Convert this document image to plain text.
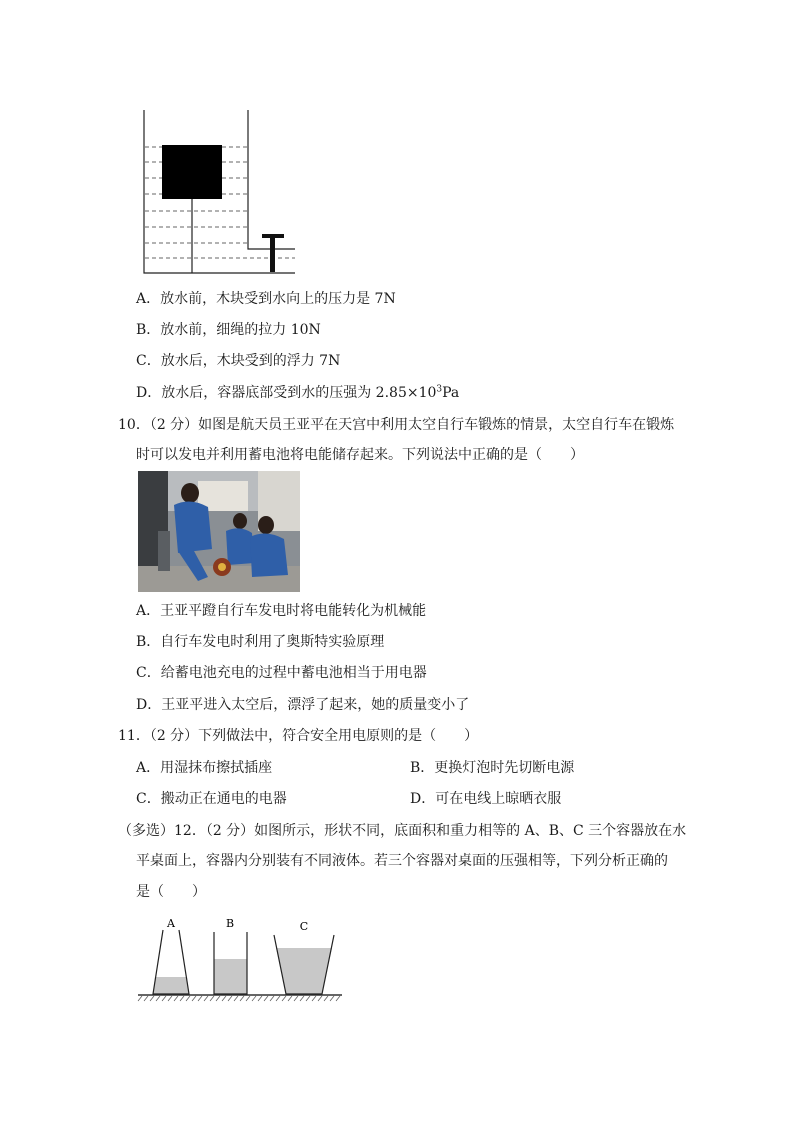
A．放水前，木块受到水向上的压力是 7N
B．放水前，细绳的拉力 10N
C．放水后，木块受到的浮力 7N
D．放水后，容器底部受到水的压强为 $2.85\times 10^3Pa$
10．（2 分）如图是航天员王亚平在天宫中利用太空自行车锻炼的情景，太空自行车在锻炼
时可以发电并利用蓄电池将电能储存起来。下列说法中正确的是（　　）
A．王亚平蹬自行车发电时将电能转化为机械能
B．自行车发电时利用了奥斯特实验原理
C．给蓄电池充电的过程中蓄电池相当于用电器
D．王亚平进入太空后，漂浮了起来，她的质量变小了
11．（2 分）下列做法中，符合安全用电原则的是（　　）
A．用湿抹布擦拭插座	B．更换灯泡时先切断电源
C．搬动正在通电的电器	D．可在电线上晾晒衣服
（多选）12．（2 分）如图所示，形状不同，底面积和重力相等的 A、B、C 三个容器放在水
平桌面上，容器内分别装有不同液体。若三个容器对桌面的压强相等，下列分析正确的
是（　　）
A	B	C
